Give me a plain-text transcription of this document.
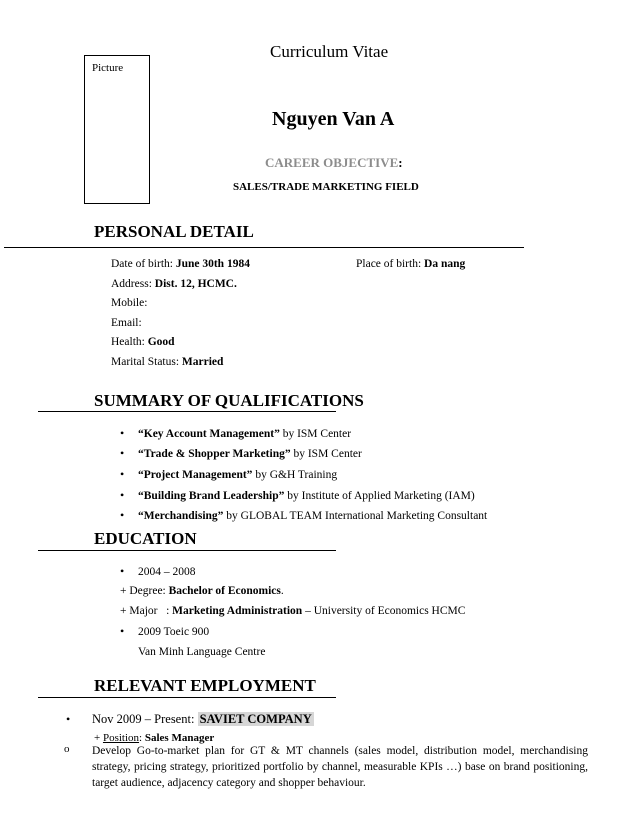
Picture
Curriculum Vitae
Nguyen Van A
CAREER OBJECTIVE:
SALES/TRADE MARKETING FIELD
PERSONAL DETAIL
Date of birth: June 30th 1984	Place of birth: Da nang
Address: Dist. 12, HCMC.
Mobile:
Email:
Health: Good
Marital Status: Married
SUMMARY OF QUALIFICATIONS
• “Key Account Management” by ISM Center
• “Trade & Shopper Marketing” by ISM Center
• “Project Management” by G&H Training
• “Building Brand Leadership” by Institute of Applied Marketing (IAM)
• “Merchandising” by GLOBAL TEAM International Marketing Consultant
EDUCATION
• 2004 – 2008
+ Degree: Bachelor of Economics.
+ Major   : Marketing Administration – University of Economics HCMC
• 2009 Toeic 900
Van Minh Language Centre
RELEVANT EMPLOYMENT
• Nov 2009 – Present: SAVIET COMPANY
+ Position: Sales Manager
o Develop Go-to-market plan for GT & MT channels (sales model, distribution model, merchandising strategy, pricing strategy, prioritized portfolio by channel, measurable KPIs …) base on brand positioning, target audience, adjacency category and shopper behaviour.
